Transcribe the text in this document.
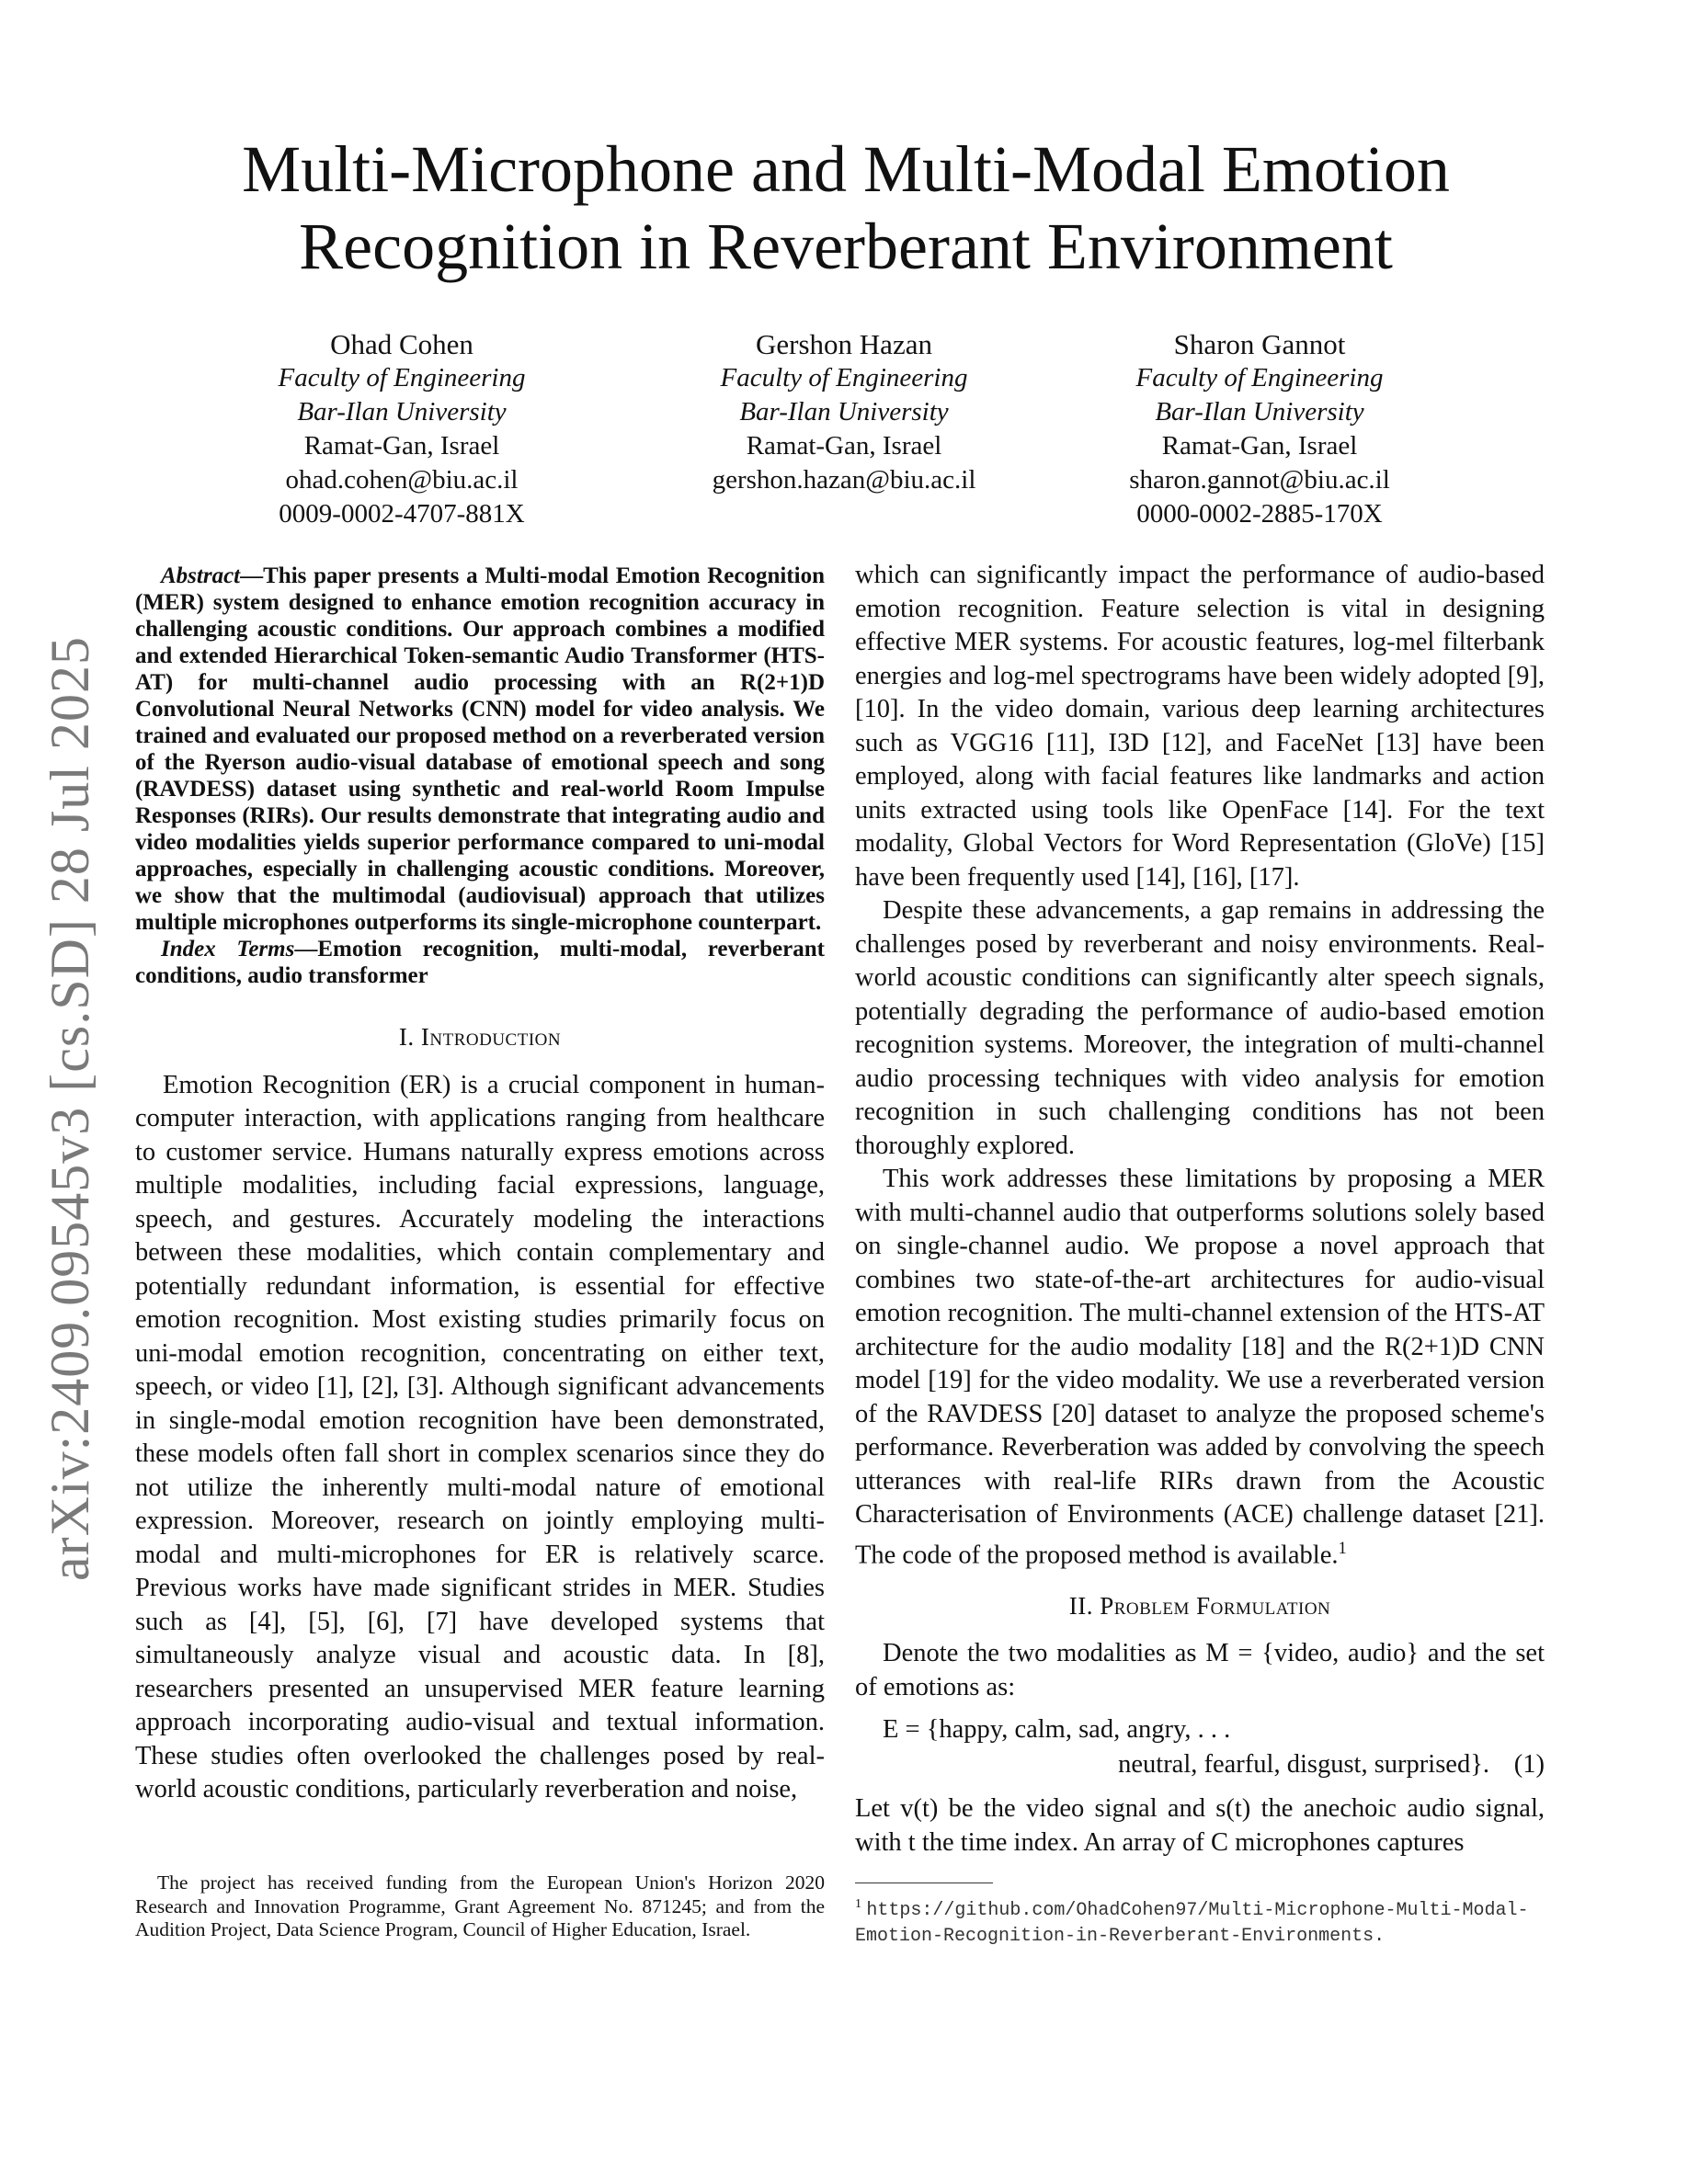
arXiv:2409.09545v3 [cs.SD] 28 Jul 2025
Multi-Microphone and Multi-Modal Emotion Recognition in Reverberant Environment
Ohad Cohen
Faculty of Engineering
Bar-Ilan University
Ramat-Gan, Israel
ohad.cohen@biu.ac.il
0009-0002-4707-881X
Gershon Hazan
Faculty of Engineering
Bar-Ilan University
Ramat-Gan, Israel
gershon.hazan@biu.ac.il
Sharon Gannot
Faculty of Engineering
Bar-Ilan University
Ramat-Gan, Israel
sharon.gannot@biu.ac.il
0000-0002-2885-170X

Abstract—This paper presents a Multi-modal Emotion Recognition (MER) system designed to enhance emotion recognition accuracy in challenging acoustic conditions. Our approach combines a modified and extended Hierarchical Token-semantic Audio Transformer (HTS-AT) for multi-channel audio processing with an R(2+1)D Convolutional Neural Networks (CNN) model for video analysis. We trained and evaluated our proposed method on a reverberated version of the Ryerson audio-visual database of emotional speech and song (RAVDESS) dataset using synthetic and real-world Room Impulse Responses (RIRs). Our results demonstrate that integrating audio and video modalities yields superior performance compared to uni-modal approaches, especially in challenging acoustic conditions. Moreover, we show that the multimodal (audiovisual) approach that utilizes multiple microphones outperforms its single-microphone counterpart.

Index Terms—Emotion recognition, multi-modal, reverberant conditions, audio transformer

I. Introduction

Emotion Recognition (ER) is a crucial component in human-computer interaction, with applications ranging from healthcare to customer service. Humans naturally express emotions across multiple modalities, including facial expressions, language, speech, and gestures. Accurately modeling the interactions between these modalities, which contain complementary and potentially redundant information, is essential for effective emotion recognition. Most existing studies primarily focus on uni-modal emotion recognition, concentrating on either text, speech, or video [1], [2], [3]. Although significant advancements in single-modal emotion recognition have been demonstrated, these models often fall short in complex scenarios since they do not utilize the inherently multi-modal nature of emotional expression. Moreover, research on jointly employing multi-modal and multi-microphones for ER is relatively scarce. Previous works have made significant strides in MER. Studies such as [4], [5], [6], [7] have developed systems that simultaneously analyze visual and acoustic data. In [8], researchers presented an unsupervised MER feature learning approach incorporating audio-visual and textual information. These studies often overlooked the challenges posed by real-world acoustic conditions, particularly reverberation and noise,

which can significantly impact the performance of audio-based emotion recognition. Feature selection is vital in designing effective MER systems. For acoustic features, log-mel filterbank energies and log-mel spectrograms have been widely adopted [9], [10]. In the video domain, various deep learning architectures such as VGG16 [11], I3D [12], and FaceNet [13] have been employed, along with facial features like landmarks and action units extracted using tools like OpenFace [14]. For the text modality, Global Vectors for Word Representation (GloVe) [15] have been frequently used [14], [16], [17].

Despite these advancements, a gap remains in addressing the challenges posed by reverberant and noisy environments. Real-world acoustic conditions can significantly alter speech signals, potentially degrading the performance of audio-based emotion recognition systems. Moreover, the integration of multi-channel audio processing techniques with video analysis for emotion recognition in such challenging conditions has not been thoroughly explored.

This work addresses these limitations by proposing a MER with multi-channel audio that outperforms solutions solely based on single-channel audio. We propose a novel approach that combines two state-of-the-art architectures for audio-visual emotion recognition. The multi-channel extension of the HTS-AT architecture for the audio modality [18] and the R(2+1)D CNN model [19] for the video modality. We use a reverberated version of the RAVDESS [20] dataset to analyze the proposed scheme's performance. Reverberation was added by convolving the speech utterances with real-life RIRs drawn from the Acoustic Characterisation of Environments (ACE) challenge dataset [21]. The code of the proposed method is available.$^1$

II. Problem Formulation

Denote the two modalities as M = {video, audio} and the set of emotions as:

E = {happy, calm, sad, angry, . . .
neutral, fearful, disgust, surprised}. (1)

Let v(t) be the video signal and s(t) the anechoic audio signal, with t the time index. An array of C microphones captures

The project has received funding from the European Union's Horizon 2020 Research and Innovation Programme, Grant Agreement No. 871245; and from the Audition Project, Data Science Program, Council of Higher Education, Israel.

$^1$ https://github.com/OhadCohen97/Multi-Microphone-Multi-Modal-Emotion-Recognition-in-Reverberant-Environments.
